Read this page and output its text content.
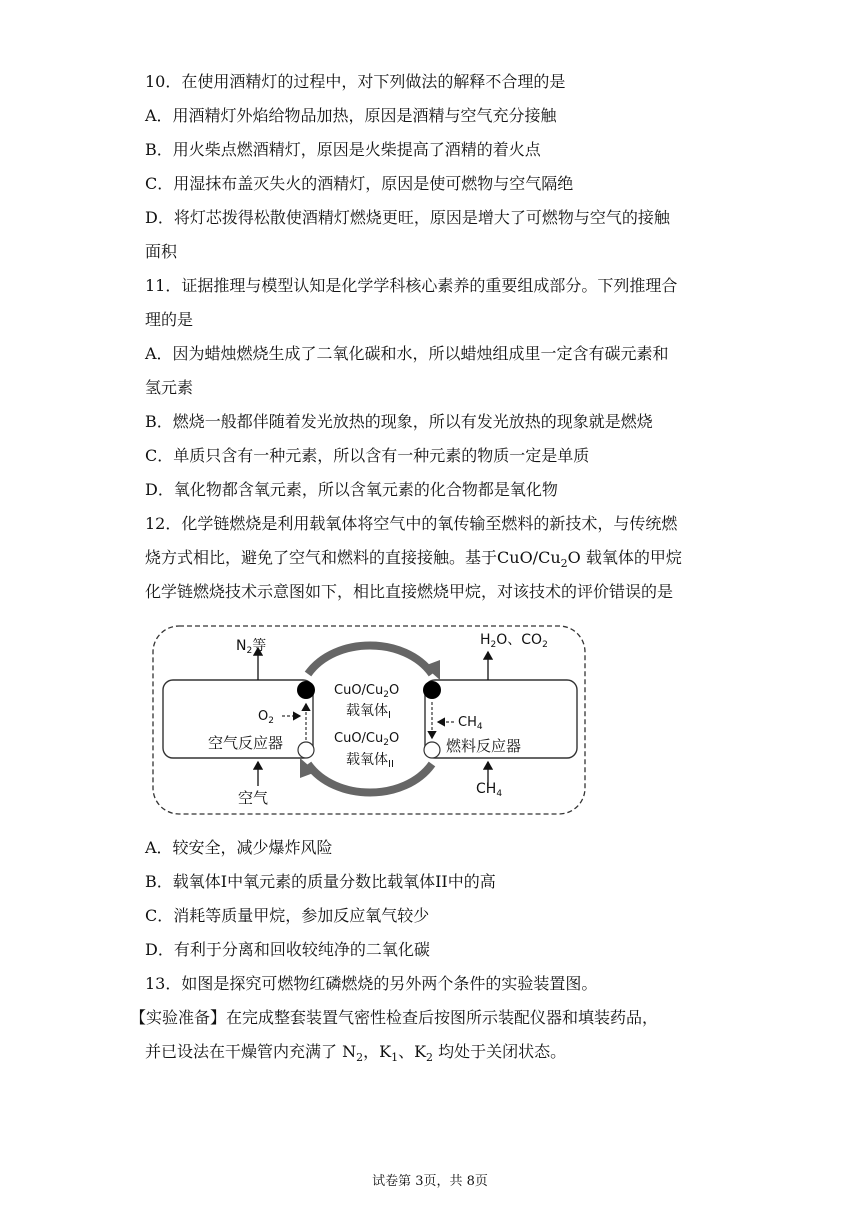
10．在使用酒精灯的过程中，对下列做法的解释不合理的是
A．用酒精灯外焰给物品加热，原因是酒精与空气充分接触
B．用火柴点燃酒精灯，原因是火柴提高了酒精的着火点
C．用湿抹布盖灭失火的酒精灯，原因是使可燃物与空气隔绝
D．将灯芯拨得松散使酒精灯燃烧更旺，原因是增大了可燃物与空气的接触
面积
11．证据推理与模型认知是化学学科核心素养的重要组成部分。下列推理合
理的是
A．因为蜡烛燃烧生成了二氧化碳和水，所以蜡烛组成里一定含有碳元素和
氢元素
B．燃烧一般都伴随着发光放热的现象，所以有发光放热的现象就是燃烧
C．单质只含有一种元素，所以含有一种元素的物质一定是单质
D．氧化物都含氧元素，所以含氧元素的化合物都是氧化物
12．化学链燃烧是利用载氧体将空气中的氧传输至燃料的新技术，与传统燃
烧方式相比，避免了空气和燃料的直接接触。基于CuO/$Cu_2O$ 载氧体的甲烷
化学链燃烧技术示意图如下，相比直接燃烧甲烷，对该技术的评价错误的是
$N_2$等	$H_2O$、$CO_2$
$O_2$
CuO/$Cu_2O$
载氧体$_I$
CuO/$Cu_2O$
载氧体$_{II}$
$CH_4$
空气反应器	燃料反应器
空气	$CH_4$
A．较安全，减少爆炸风险
B．载氧体I中氧元素的质量分数比载氧体II中的高
C．消耗等质量甲烷，参加反应氧气较少
D．有利于分离和回收较纯净的二氧化碳
13．如图是探究可燃物红磷燃烧的另外两个条件的实验装置图。
【实验准备】在完成整套装置气密性检查后按图所示装配仪器和填装药品，
并已设法在干燥管内充满了 $N_2$，$K_1$、$K_2$ 均处于关闭状态。
试卷第 3页，共 8页
